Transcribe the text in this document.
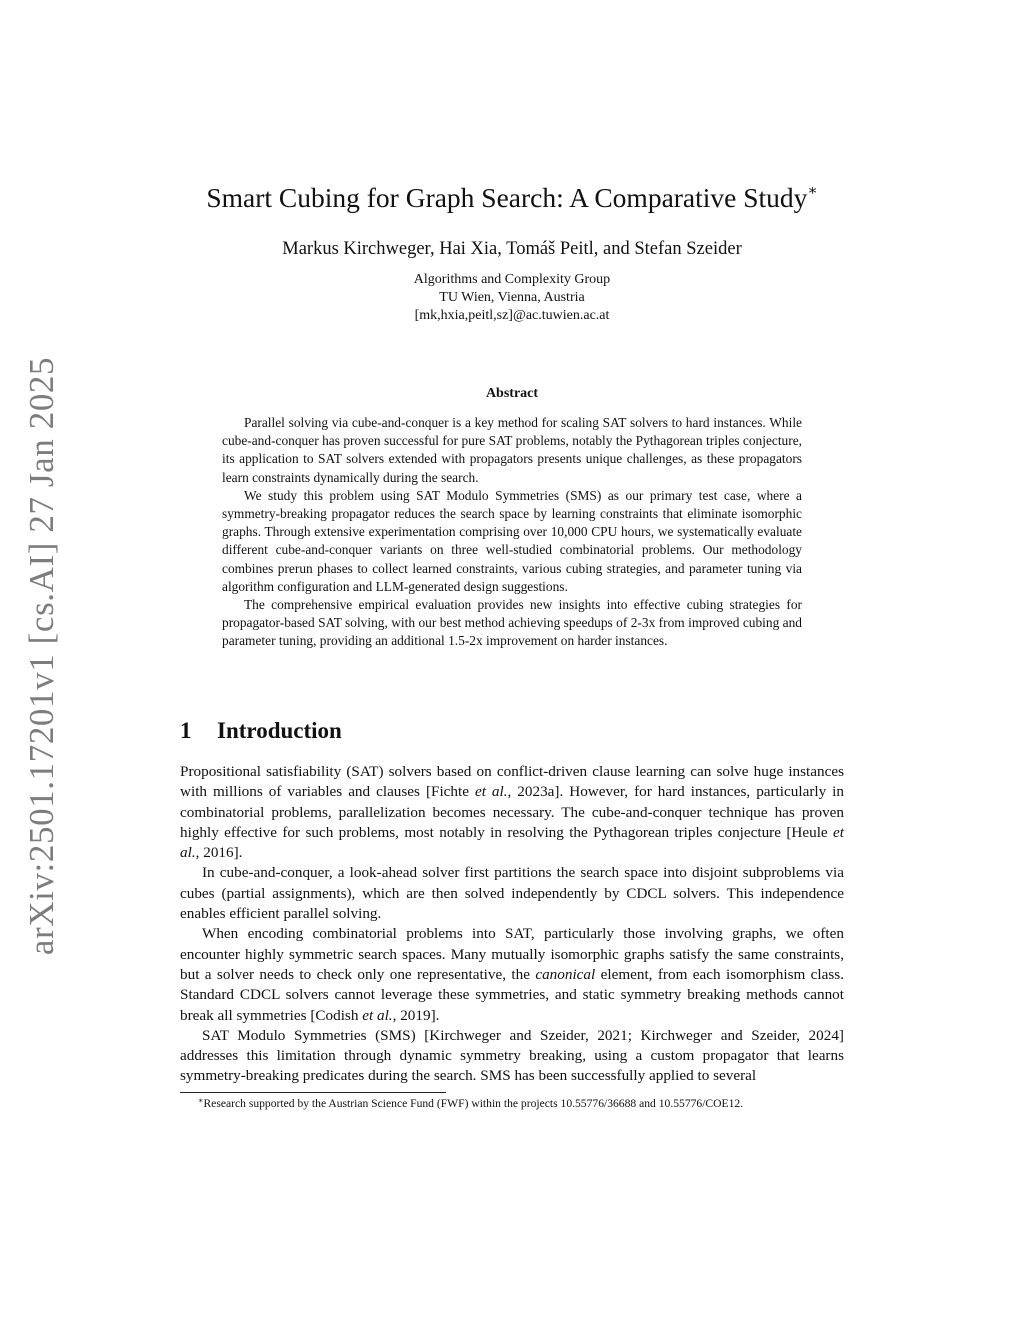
arXiv:2501.17201v1 [cs.AI] 27 Jan 2025
Smart Cubing for Graph Search: A Comparative Study∗
Markus Kirchweger, Hai Xia, Tomáš Peitl, and Stefan Szeider
Algorithms and Complexity Group
TU Wien, Vienna, Austria
[mk,hxia,peitl,sz]@ac.tuwien.ac.at
Abstract

Parallel solving via cube-and-conquer is a key method for scaling SAT solvers to hard instances. While cube-and-conquer has proven successful for pure SAT problems, notably the Pythagorean triples conjecture, its application to SAT solvers extended with propagators presents unique challenges, as these propagators learn constraints dynamically during the search.

We study this problem using SAT Modulo Symmetries (SMS) as our primary test case, where a symmetry-breaking propagator reduces the search space by learning constraints that eliminate isomorphic graphs. Through extensive experimentation comprising over 10,000 CPU hours, we systematically evaluate different cube-and-conquer variants on three well-studied combinatorial problems. Our methodology combines prerun phases to collect learned constraints, various cubing strategies, and parameter tuning via algorithm configuration and LLM-generated design suggestions.

The comprehensive empirical evaluation provides new insights into effective cubing strategies for propagator-based SAT solving, with our best method achieving speedups of 2-3x from improved cubing and parameter tuning, providing an additional 1.5-2x improvement on harder instances.

1 Introduction

Propositional satisfiability (SAT) solvers based on conflict-driven clause learning can solve huge instances with millions of variables and clauses [Fichte et al., 2023a]. However, for hard instances, particularly in combinatorial problems, parallelization becomes necessary. The cube-and-conquer technique has proven highly effective for such problems, most notably in resolving the Pythagorean triples conjecture [Heule et al., 2016].

In cube-and-conquer, a look-ahead solver first partitions the search space into disjoint subproblems via cubes (partial assignments), which are then solved independently by CDCL solvers. This independence enables efficient parallel solving.

When encoding combinatorial problems into SAT, particularly those involving graphs, we often encounter highly symmetric search spaces. Many mutually isomorphic graphs satisfy the same constraints, but a solver needs to check only one representative, the canonical element, from each isomorphism class. Standard CDCL solvers cannot leverage these symmetries, and static symmetry breaking methods cannot break all symmetries [Codish et al., 2019].

SAT Modulo Symmetries (SMS) [Kirchweger and Szeider, 2021; Kirchweger and Szeider, 2024] addresses this limitation through dynamic symmetry breaking, using a custom propagator that learns symmetry-breaking predicates during the search. SMS has been successfully applied to several

∗Research supported by the Austrian Science Fund (FWF) within the projects 10.55776/36688 and 10.55776/COE12.
